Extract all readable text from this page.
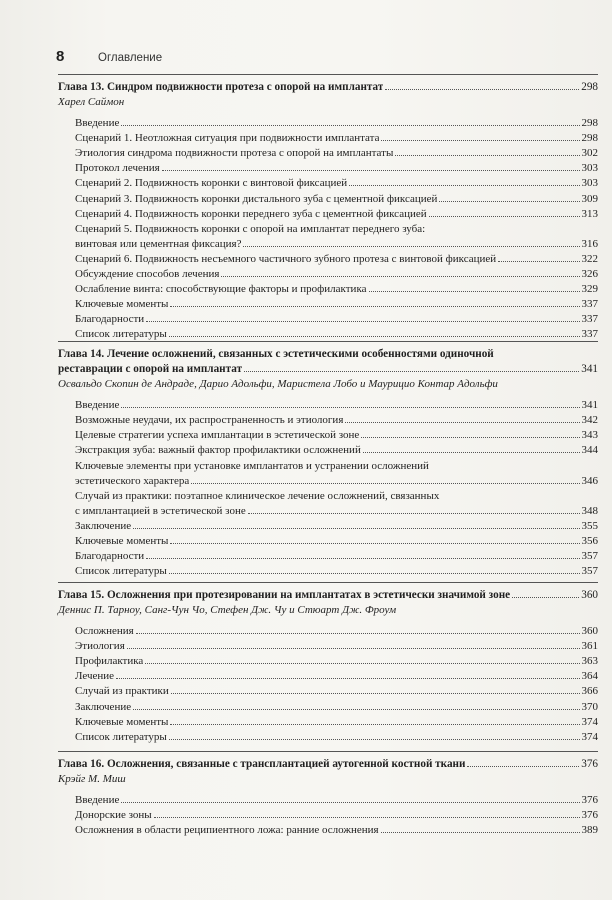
8	Оглавление
Глава 13. Синдром подвижности протеза с опорой на имплантат	298
Харел Саймон
Введение	298
Сценарий 1. Неотложная ситуация при подвижности имплантата	298
Этиология синдрома подвижности протеза с опорой на имплантаты	302
Протокол лечения	303
Сценарий 2. Подвижность коронки с винтовой фиксацией	303
Сценарий 3. Подвижность коронки дистального зуба с цементной фиксацией	309
Сценарий 4. Подвижность коронки переднего зуба с цементной фиксацией	313
Сценарий 5. Подвижность коронки с опорой на имплантат переднего зуба:
винтовая или цементная фиксация?	316
Сценарий 6. Подвижность несъемного частичного зубного протеза с винтовой фиксацией	322
Обсуждение способов лечения	326
Ослабление винта: способствующие факторы и профилактика	329
Ключевые моменты	337
Благодарности	337
Список литературы	337
Глава 14. Лечение осложнений, связанных с эстетическими особенностями одиночной
реставрации с опорой на имплантат	341
Освальдо Скопин де Андраде, Дарио Адольфи, Маристела Лобо и Маурицио Контар Адольфи
Введение	341
Возможные неудачи, их распространенность и этиология	342
Целевые стратегии успеха имплантации в эстетической зоне	343
Экстракция зуба: важный фактор профилактики осложнений	344
Ключевые элементы при установке имплантатов и устранении осложнений
эстетического характера	346
Случай из практики: поэтапное клиническое лечение осложнений, связанных
с имплантацией в эстетической зоне	348
Заключение	355
Ключевые моменты	356
Благодарности	357
Список литературы	357
Глава 15. Осложнения при протезировании на имплантатах в эстетически значимой зоне	360
Деннис П. Тарноу, Санг-Чун Чо, Стефен Дж. Чу и Стюарт Дж. Фроум
Осложнения	360
Этиология	361
Профилактика	363
Лечение	364
Случай из практики	366
Заключение	370
Ключевые моменты	374
Список литературы	374
Глава 16. Осложнения, связанные с трансплантацией аутогенной костной ткани	376
Крэйг М. Миш
Введение	376
Донорские зоны	376
Осложнения в области реципиентного ложа: ранние осложнения	389
